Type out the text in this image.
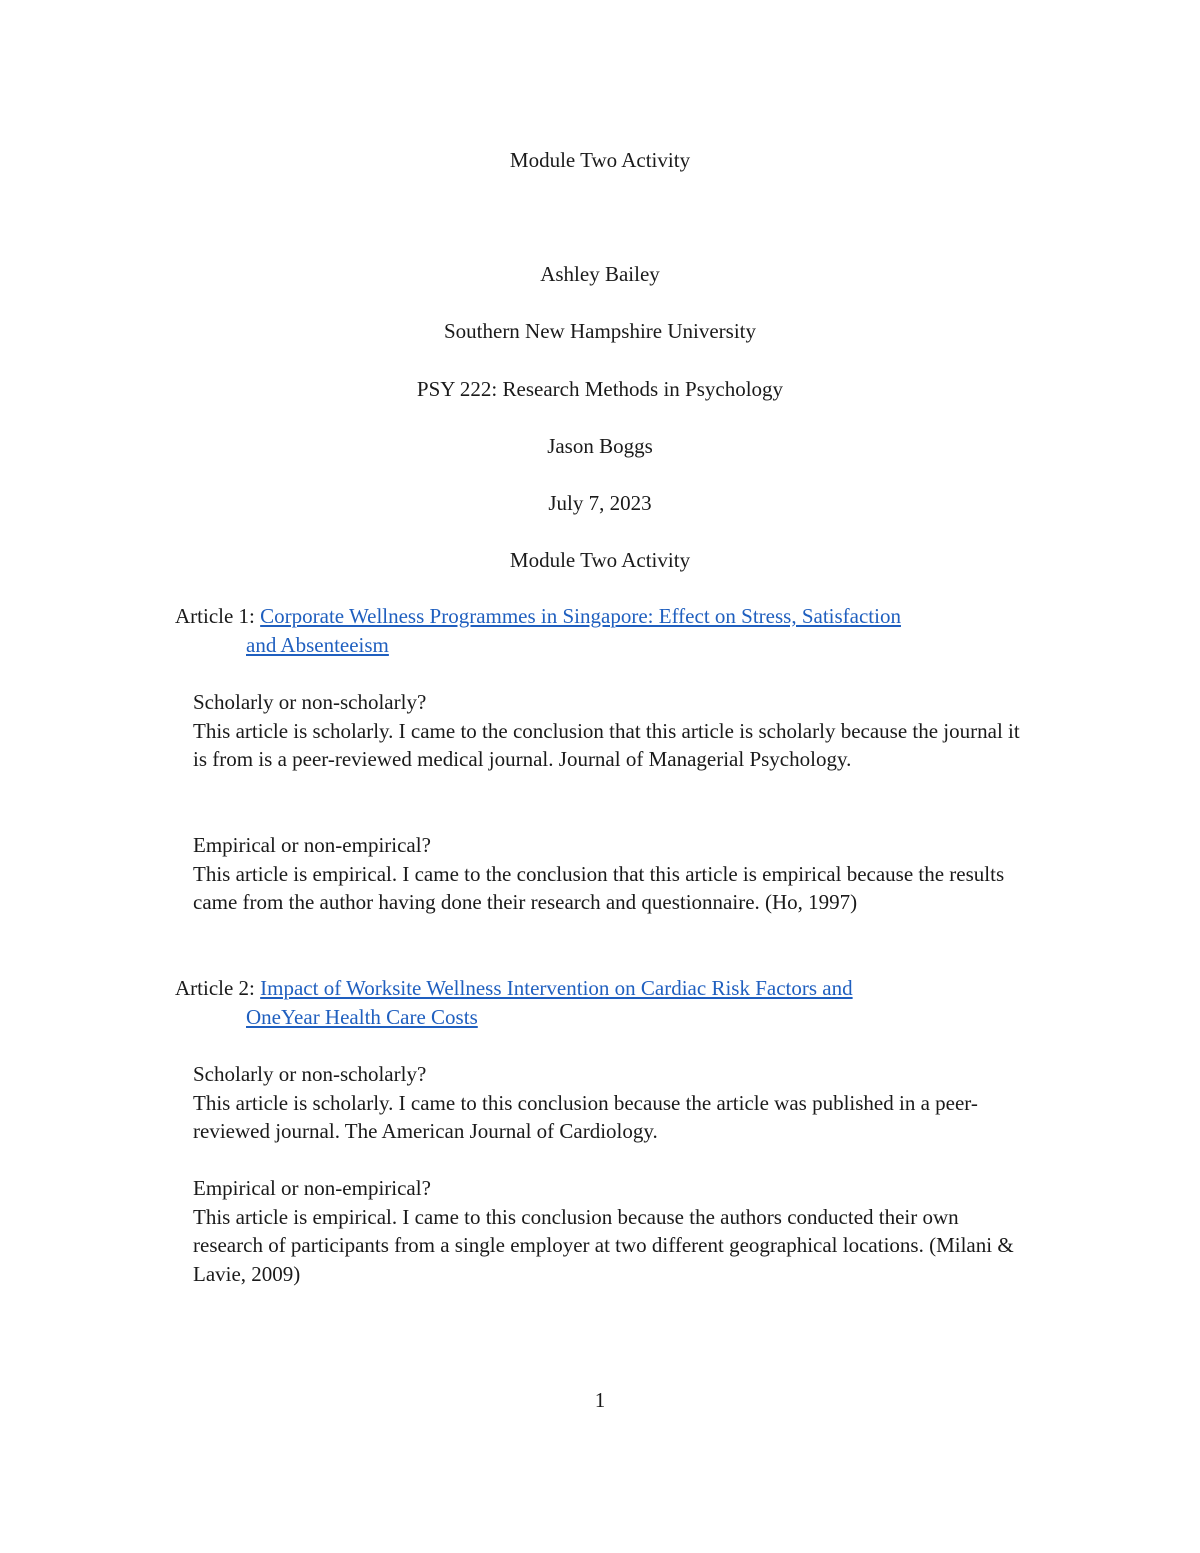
Module Two Activity

Ashley Bailey

Southern New Hampshire University

PSY 222: Research Methods in Psychology

Jason Boggs

July 7, 2023

Module Two Activity

Article 1: Corporate Wellness Programmes in Singapore: Effect on Stress, Satisfaction
and Absenteeism

Scholarly or non-scholarly?

This article is scholarly. I came to the conclusion that this article is scholarly because the journal it is from is a peer-reviewed medical journal. Journal of Managerial Psychology.

Empirical or non-empirical?

This article is empirical. I came to the conclusion that this article is empirical because the results came from the author having done their research and questionnaire. (Ho, 1997)

Article 2: Impact of Worksite Wellness Intervention on Cardiac Risk Factors and
OneYear Health Care Costs

Scholarly or non-scholarly?

This article is scholarly. I came to this conclusion because the article was published in a peer-reviewed journal. The American Journal of Cardiology.

Empirical or non-empirical?

This article is empirical. I came to this conclusion because the authors conducted their own research of participants from a single employer at two different geographical locations. (Milani & Lavie, 2009)

1
